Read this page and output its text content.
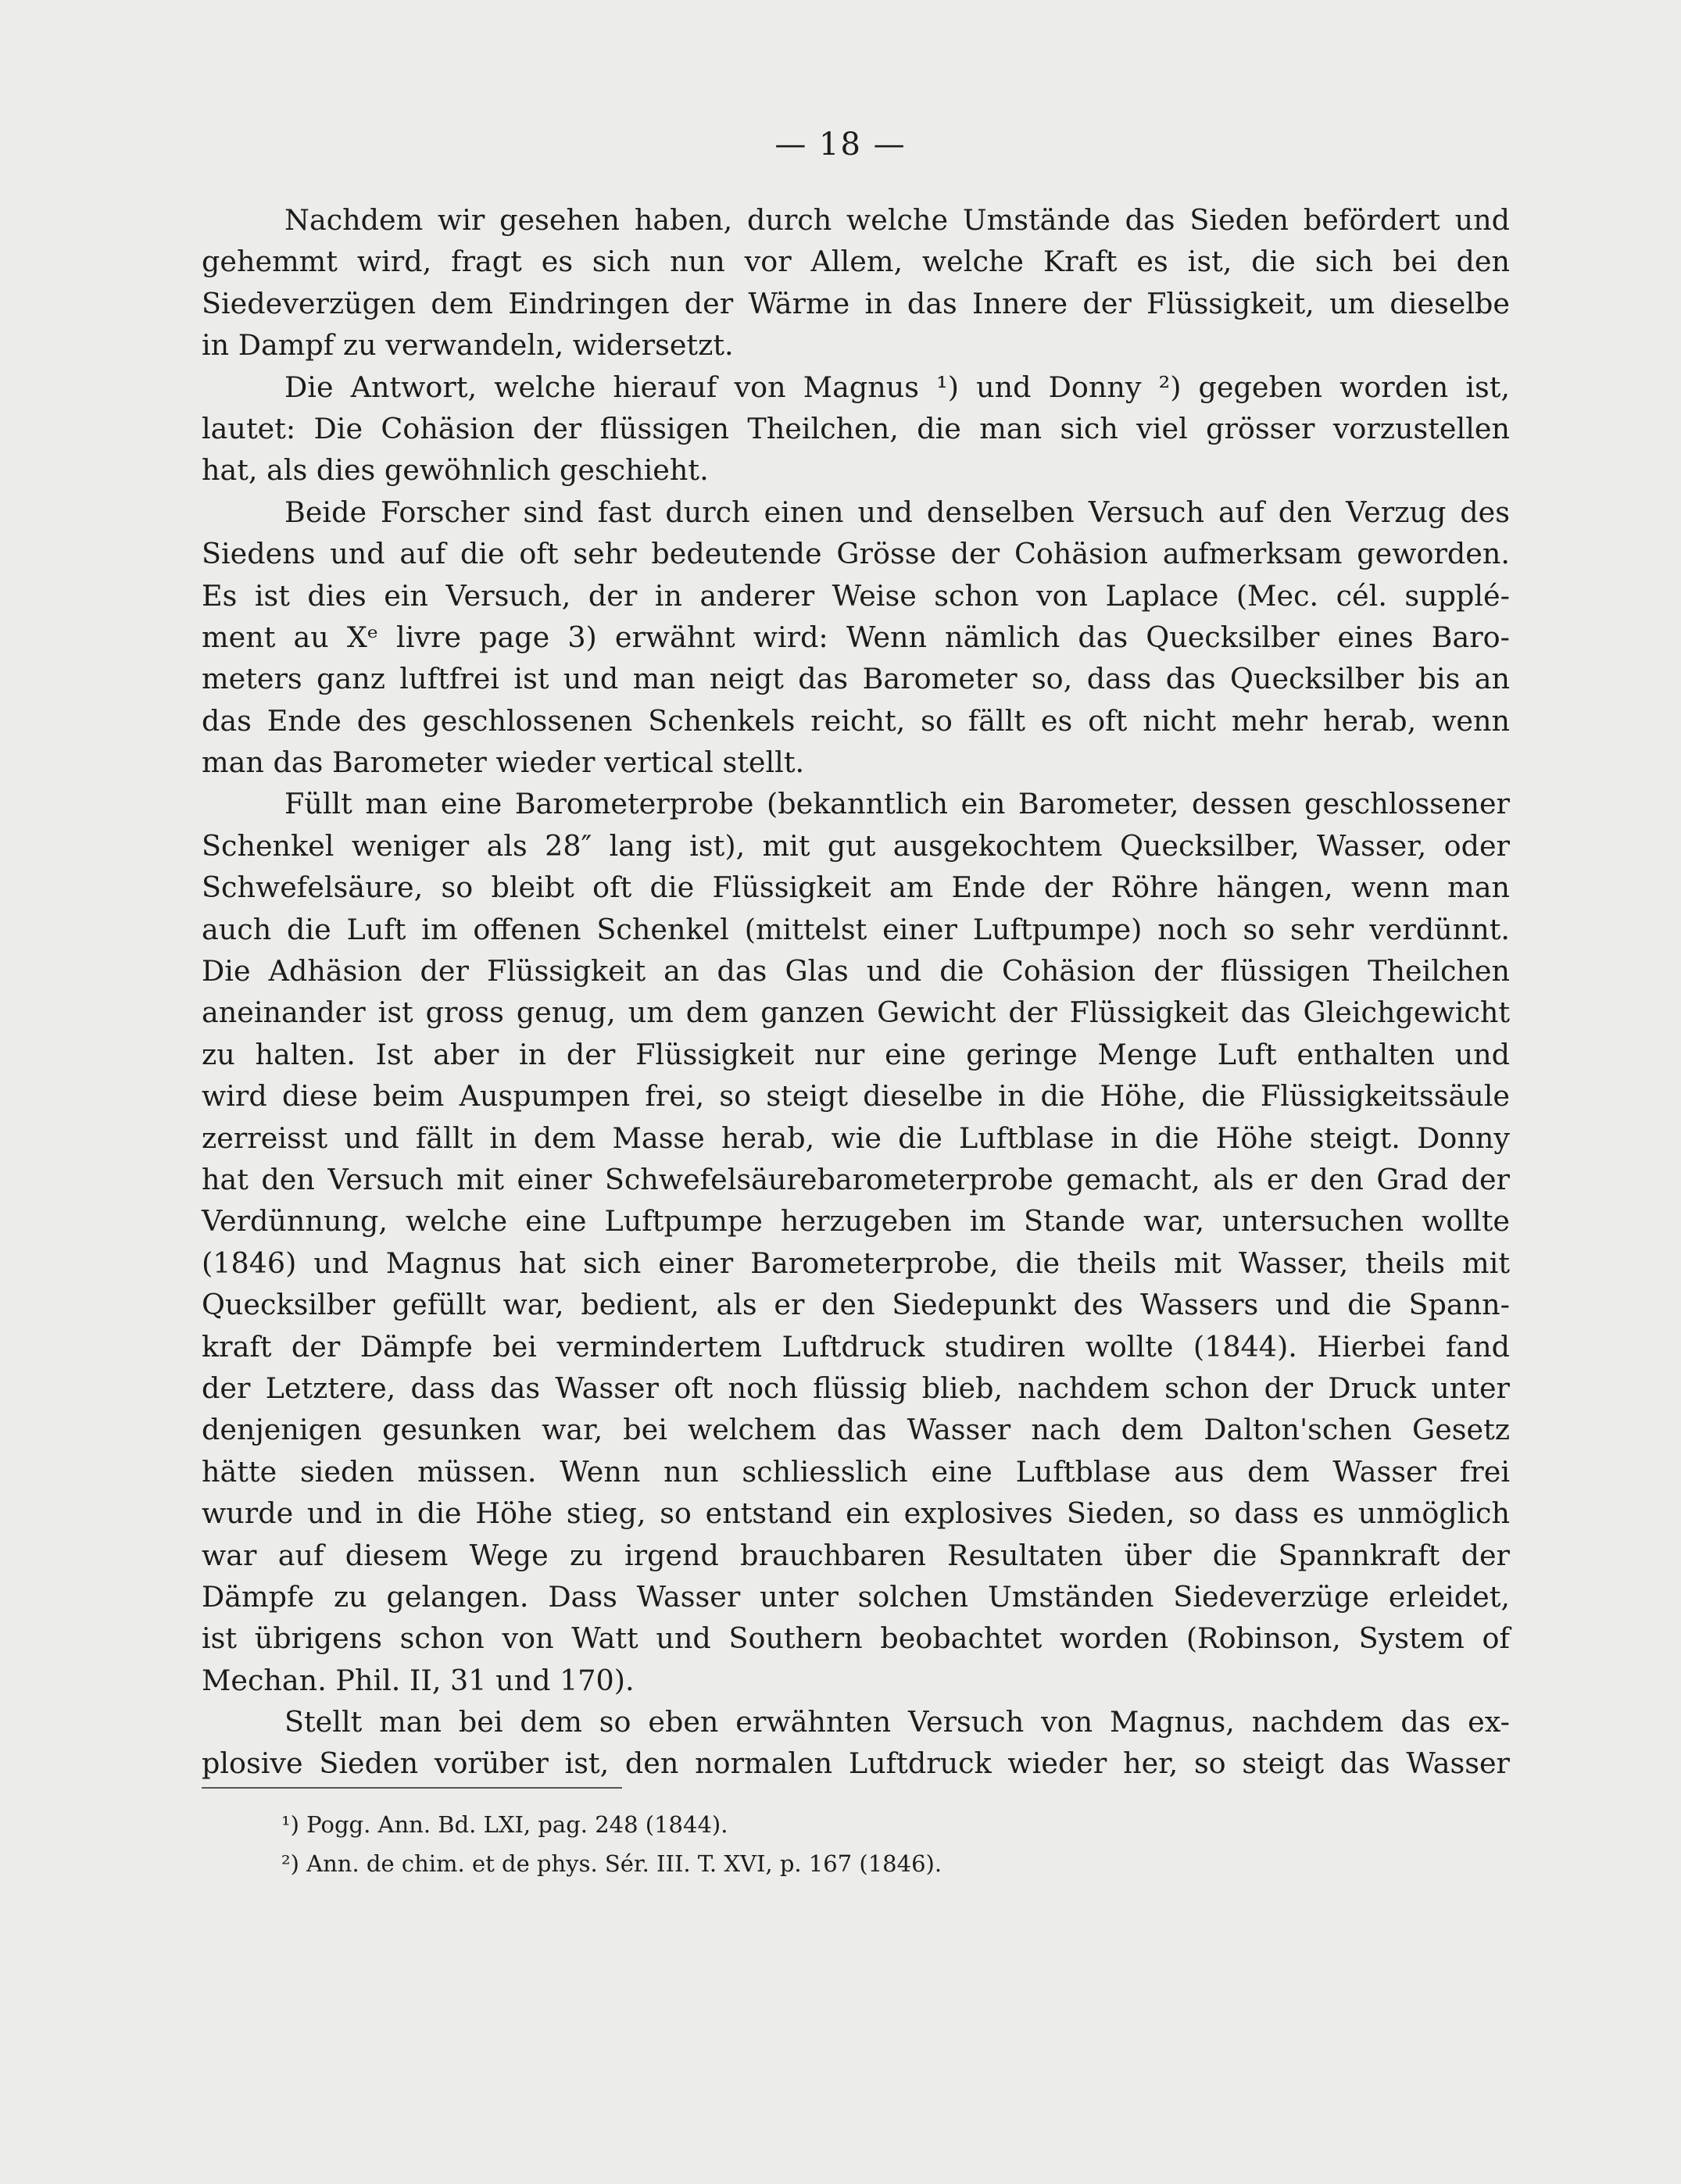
— 18 —
Nachdem wir gesehen haben, durch welche Umstände das Sieden befördert und
gehemmt wird, fragt es sich nun vor Allem, welche Kraft es ist, die sich bei den
Siedeverzügen dem Eindringen der Wärme in das Innere der Flüssigkeit, um dieselbe
in Dampf zu verwandeln, widersetzt.
Die Antwort, welche hierauf von Magnus ¹) und Donny ²) gegeben worden ist,
lautet: Die Cohäsion der flüssigen Theilchen, die man sich viel grösser vorzustellen
hat, als dies gewöhnlich geschieht.
Beide Forscher sind fast durch einen und denselben Versuch auf den Verzug des
Siedens und auf die oft sehr bedeutende Grösse der Cohäsion aufmerksam geworden.
Es ist dies ein Versuch, der in anderer Weise schon von Laplace (Mec. cél. supplé-
ment au Xᵉ livre page 3) erwähnt wird: Wenn nämlich das Quecksilber eines Baro-
meters ganz luftfrei ist und man neigt das Barometer so, dass das Quecksilber bis an
das Ende des geschlossenen Schenkels reicht, so fällt es oft nicht mehr herab, wenn
man das Barometer wieder vertical stellt.
Füllt man eine Barometerprobe (bekanntlich ein Barometer, dessen geschlossener
Schenkel weniger als 28″ lang ist), mit gut ausgekochtem Quecksilber, Wasser, oder
Schwefelsäure, so bleibt oft die Flüssigkeit am Ende der Röhre hängen, wenn man
auch die Luft im offenen Schenkel (mittelst einer Luftpumpe) noch so sehr verdünnt.
Die Adhäsion der Flüssigkeit an das Glas und die Cohäsion der flüssigen Theilchen
aneinander ist gross genug, um dem ganzen Gewicht der Flüssigkeit das Gleichgewicht
zu halten. Ist aber in der Flüssigkeit nur eine geringe Menge Luft enthalten und
wird diese beim Auspumpen frei, so steigt dieselbe in die Höhe, die Flüssigkeitssäule
zerreisst und fällt in dem Masse herab, wie die Luftblase in die Höhe steigt. Donny
hat den Versuch mit einer Schwefelsäurebarometerprobe gemacht, als er den Grad der
Verdünnung, welche eine Luftpumpe herzugeben im Stande war, untersuchen wollte
(1846) und Magnus hat sich einer Barometerprobe, die theils mit Wasser, theils mit
Quecksilber gefüllt war, bedient, als er den Siedepunkt des Wassers und die Spann-
kraft der Dämpfe bei vermindertem Luftdruck studiren wollte (1844). Hierbei fand
der Letztere, dass das Wasser oft noch flüssig blieb, nachdem schon der Druck unter
denjenigen gesunken war, bei welchem das Wasser nach dem Dalton'schen Gesetz
hätte sieden müssen. Wenn nun schliesslich eine Luftblase aus dem Wasser frei
wurde und in die Höhe stieg, so entstand ein explosives Sieden, so dass es unmöglich
war auf diesem Wege zu irgend brauchbaren Resultaten über die Spannkraft der
Dämpfe zu gelangen. Dass Wasser unter solchen Umständen Siedeverzüge erleidet,
ist übrigens schon von Watt und Southern beobachtet worden (Robinson, System of
Mechan. Phil. II, 31 und 170).
Stellt man bei dem so eben erwähnten Versuch von Magnus, nachdem das ex-
plosive Sieden vorüber ist, den normalen Luftdruck wieder her, so steigt das Wasser
¹) Pogg. Ann. Bd. LXI, pag. 248 (1844).
²) Ann. de chim. et de phys. Sér. III. T. XVI, p. 167 (1846).
